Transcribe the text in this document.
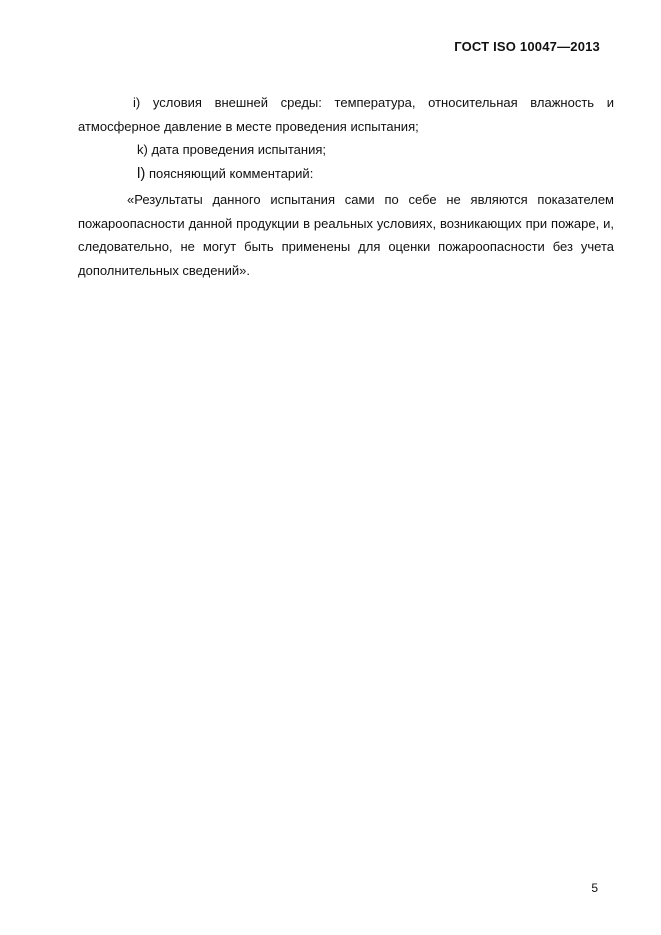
ГОСТ ISO 10047—2013

i) условия внешней среды: температура, относительная влажность и атмосферное давление в месте проведения испытания;

k) дата проведения испытания;

l) поясняющий комментарий:

«Результаты данного испытания сами по себе не являются показателем пожароопасности данной продукции в реальных условиях, возникающих при пожаре, и, следовательно, не могут быть применены для оценки пожароопасности без учета дополнительных сведений».

5
